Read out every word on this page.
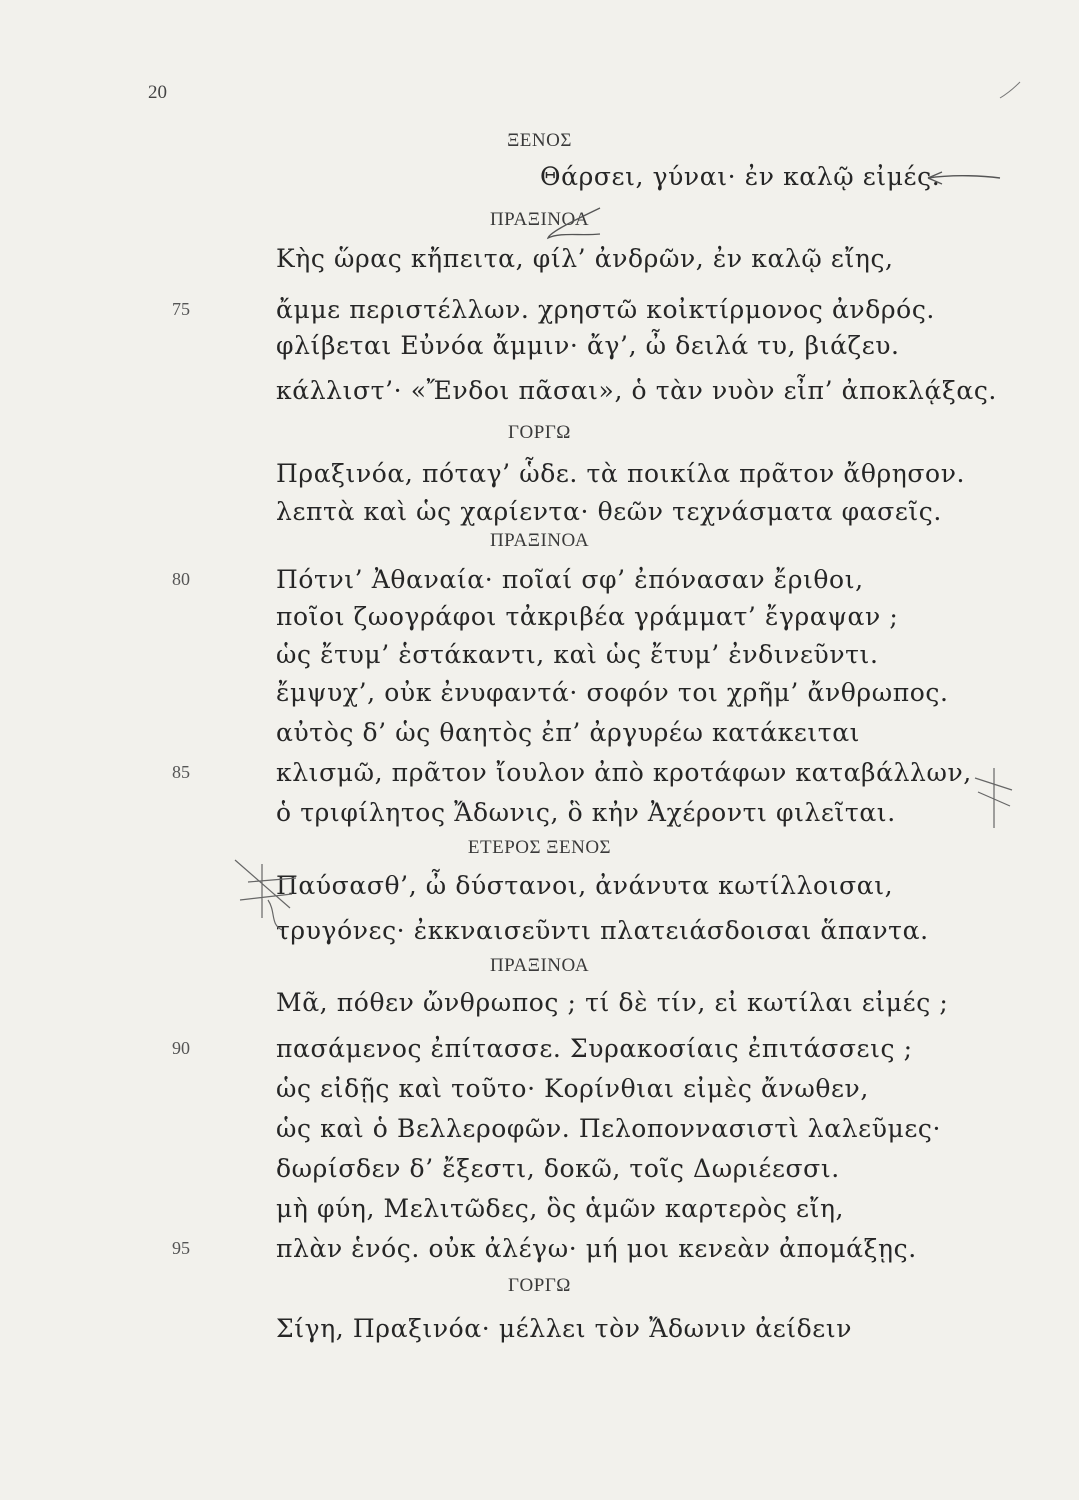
20
ΞΕΝΟΣ
Θάρσει, γύναι· ἐν καλῷ εἰμές.
ΠΡΑΞΙΝΟΑ
Κὴς ὥρας κἤπειτα, φίλ’ ἀνδρῶν, ἐν καλῷ εἴης,
ἄμμε περιστέλλων. χρηστῶ κοἰκτίρμονος ἀνδρός.
75
φλίβεται Εὐνόα ἄμμιν· ἄγ’, ὦ δειλά τυ, βιάζευ.
κάλλιστ’· «Ἔνδοι πᾶσαι», ὁ τὰν νυὸν εἶπ’ ἀποκλᾴξας.
ΓΟΡΓΩ
Πραξινόα, πόταγ’ ὧδε. τὰ ποικίλα πρᾶτον ἄθρησον.
λεπτὰ καὶ ὡς χαρίεντα· θεῶν τεχνάσματα φασεῖς.
ΠΡΑΞΙΝΟΑ
Πότνι’ Ἀθαναία· ποῖαί σφ’ ἐπόνασαν ἔριθοι,
80
ποῖοι ζωογράφοι τἀκριβέα γράμματ’ ἔγραψαν ;
ὡς ἔτυμ’ ἑστάκαντι, καὶ ὡς ἔτυμ’ ἐνδινεῦντι.
ἔμψυχ’, οὐκ ἐνυφαντά· σοφόν τοι χρῆμ’ ἄνθρωπος.
αὐτὸς δ’ ὡς θαητὸς ἐπ’ ἀργυρέω κατάκειται
κλισμῶ, πρᾶτον ἴουλον ἀπὸ κροτάφων καταβάλλων,
85
ὁ τριφίλητος Ἄδωνις, ὃ κἠν Ἀχέροντι φιλεῖται.
ΕΤΕΡΟΣ ΞΕΝΟΣ
Παύσασθ’, ὦ δύστανοι, ἀνάνυτα κωτίλλοισαι,
τρυγόνες· ἐκκναισεῦντι πλατειάσδοισαι ἅπαντα.
ΠΡΑΞΙΝΟΑ
Μᾶ, πόθεν ὤνθρωπος ; τί δὲ τίν, εἰ κωτίλαι εἰμές ;
πασάμενος ἐπίτασσε. Συρακοσίαις ἐπιτάσσεις ;
90
ὡς εἰδῇς καὶ τοῦτο· Κορίνθιαι εἰμὲς ἄνωθεν,
ὡς καὶ ὁ Βελλεροφῶν. Πελοποννασιστὶ λαλεῦμες·
δωρίσδεν δ’ ἔξεστι, δοκῶ, τοῖς Δωριέεσσι.
μὴ φύη, Μελιτῶδες, ὃς ἁμῶν καρτερὸς εἴη,
πλὰν ἑνός. οὐκ ἀλέγω· μή μοι κενεὰν ἀπομάξῃς.
95
ΓΟΡΓΩ
Σίγη, Πραξινόα· μέλλει τὸν Ἄδωνιν ἀείδειν
